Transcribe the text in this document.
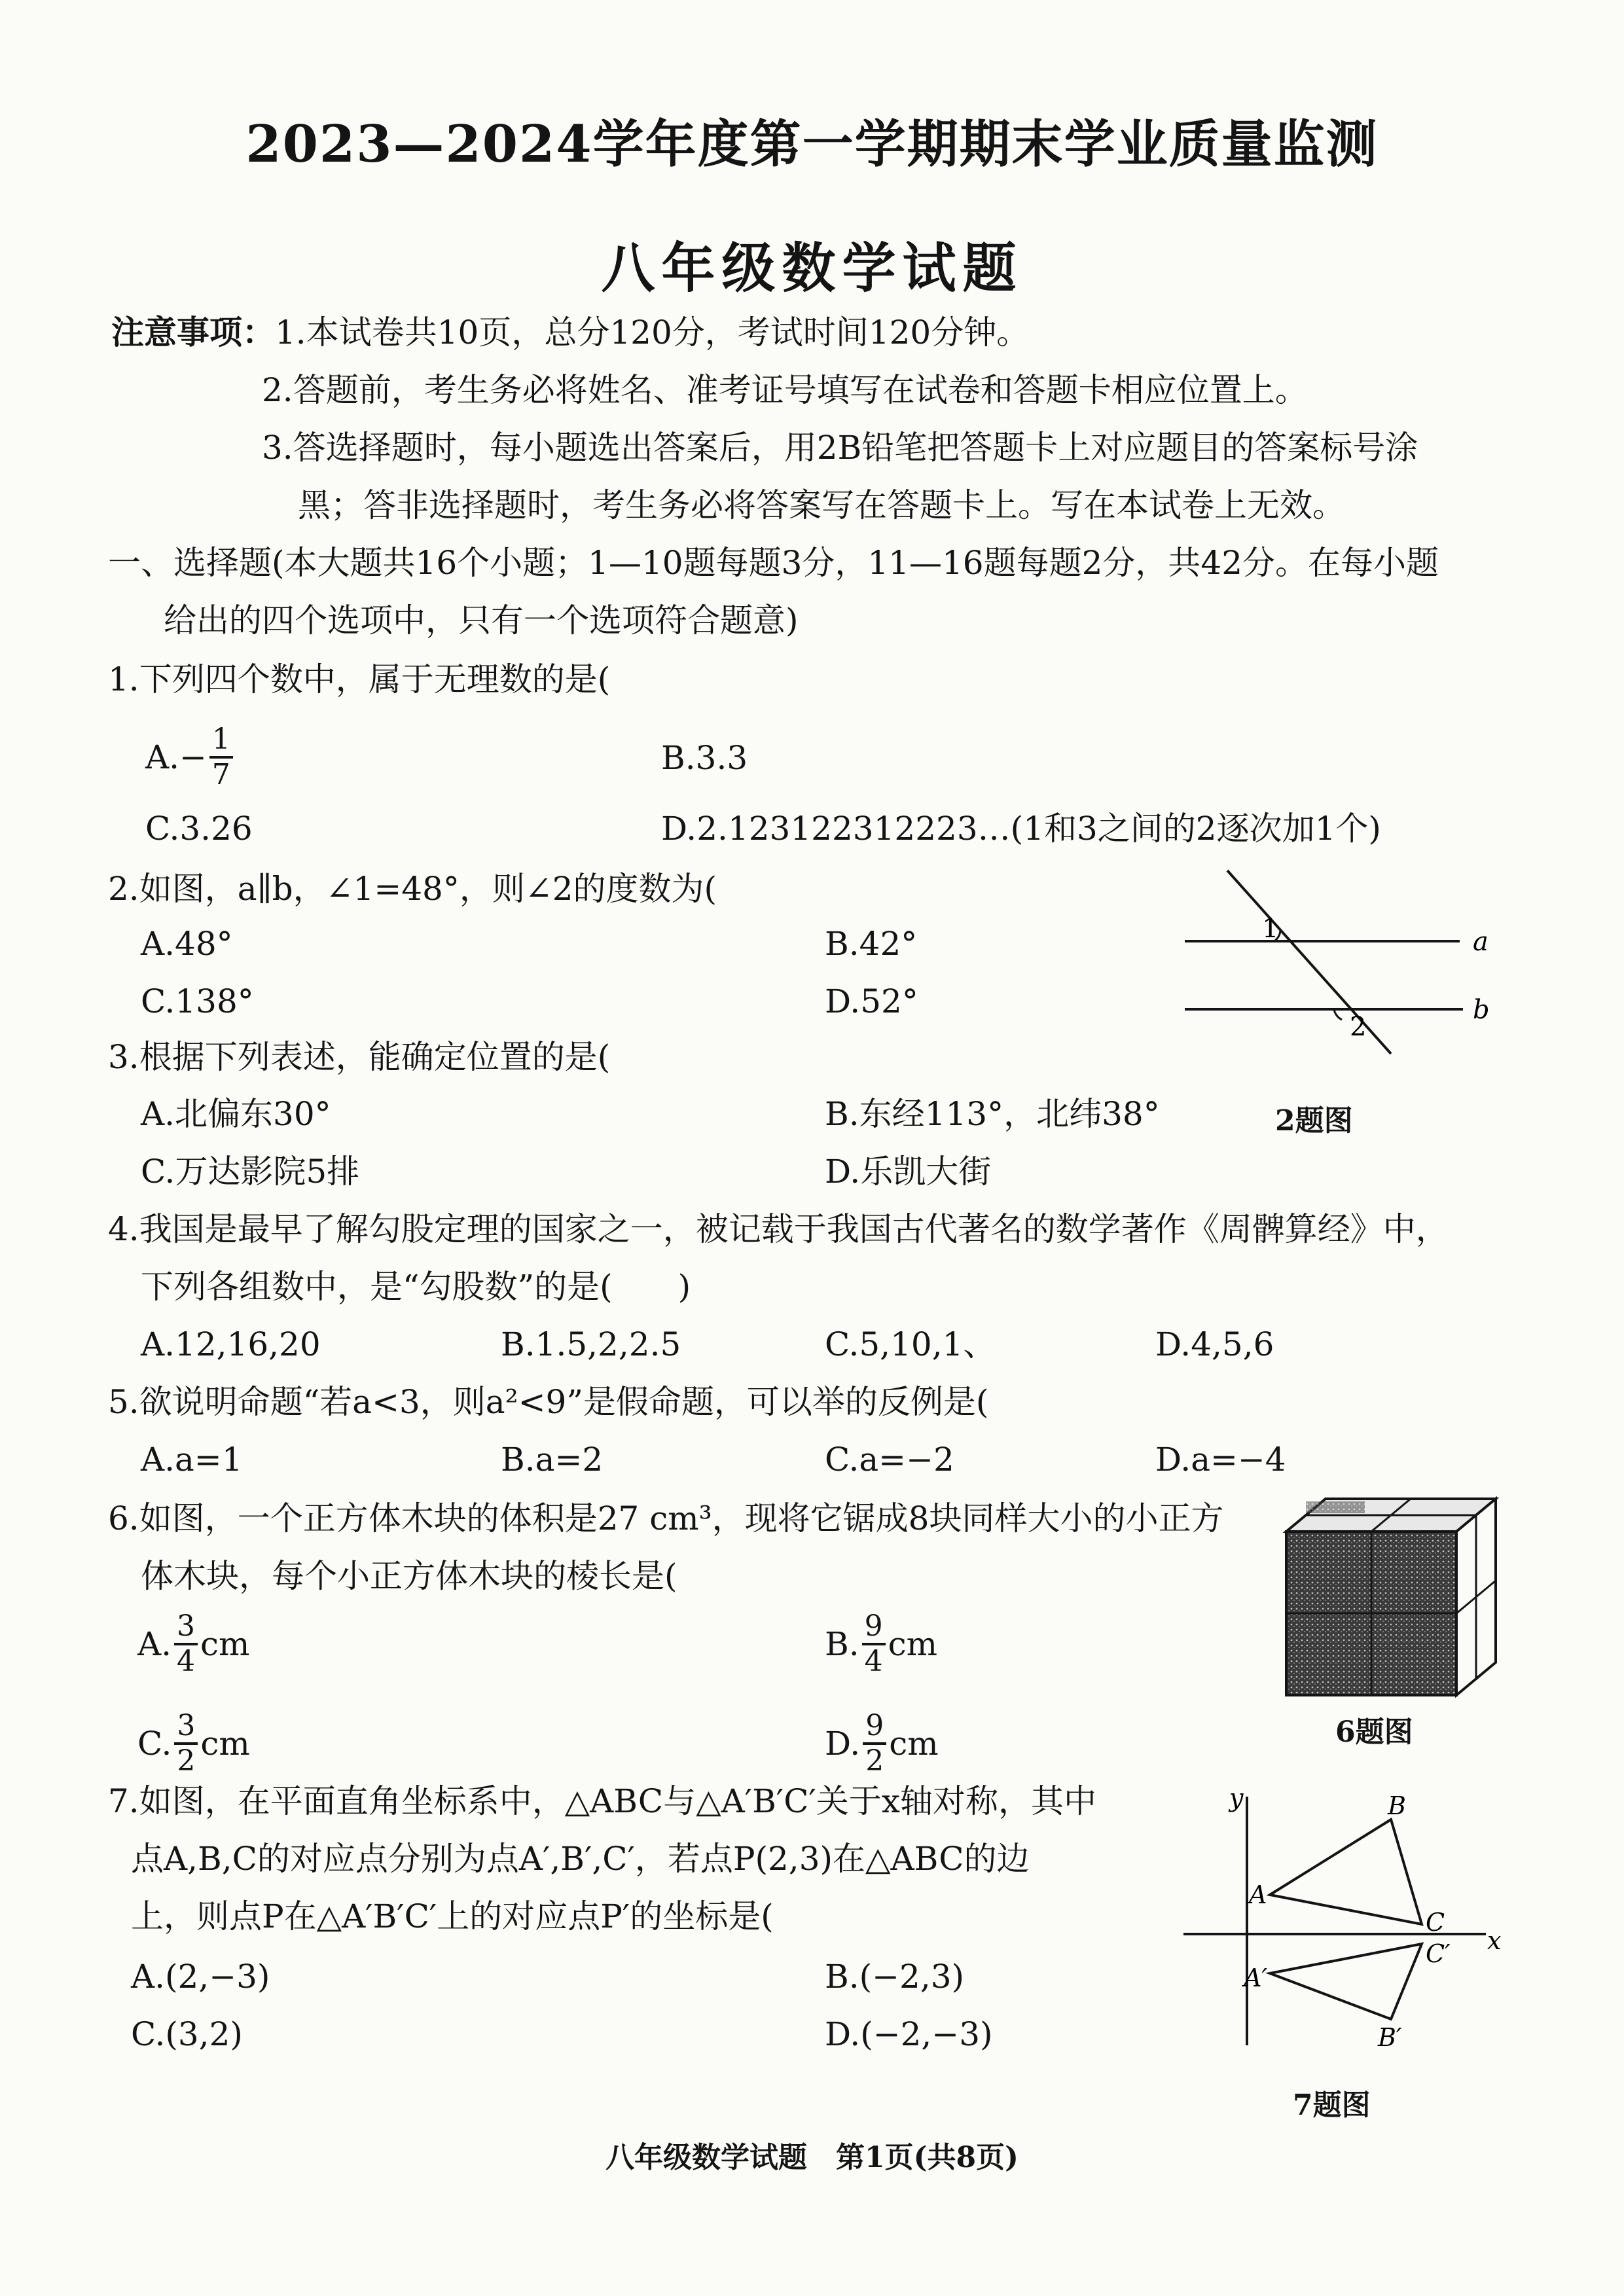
2023—2024学年度第一学期期末学业质量监测
八年级数学试题
注意事项：1.本试卷共10页，总分120分，考试时间120分钟。
2.答题前，考生务必将姓名、准考证号填写在试卷和答题卡相应位置上。
3.答选择题时，每小题选出答案后，用2B铅笔把答题卡上对应题目的答案标号涂
黑；答非选择题时，考生务必将答案写在答题卡上。写在本试卷上无效。
一、选择题(本大题共16个小题；1—10题每题3分，11—16题每题2分，共42分。在每小题
给出的四个选项中，只有一个选项符合题意)
1.下列四个数中，属于无理数的是(
A. − $\frac{1}{7}$	B.3.3
C.3.26	D.2.123122312223…(1和3之间的2逐次加1个)
2.如图，a∥b，∠1=48°，则∠2的度数为(
A.48°	B.42°
C.138°	D.52°
1
2
a
b
3.根据下列表述，能确定位置的是(
A.北偏东30°	B.东经113°，北纬38°	2题图
C.万达影院5排	D.乐凯大街
4.我国是最早了解勾股定理的国家之一，被记载于我国古代著名的数学著作《周髀算经》中，
下列各组数中，是“勾股数”的是(　　)
A.12,16,20	B.1.5,2,2.5	C.5,10,1、	D.4,5,6
5.欲说明命题“若a<3，则a²<9”是假命题，可以举的反例是(
A.a=1	B.a=2	C.a=−2	D.a=−4
6.如图，一个正方体木块的体积是27 cm³，现将它锯成8块同样大小的小正方
体木块，每个小正方体木块的棱长是(
A. $\frac{3}{4}$ cm	B. $\frac{9}{4}$ cm
C. $\frac{3}{2}$ cm	D. $\frac{9}{2}$ cm	6题图
7.如图，在平面直角坐标系中，△ABC与△A′B′C′关于x轴对称，其中
点A,B,C的对应点分别为点A′,B′,C′，若点P(2,3)在△ABC的边
上，则点P在△A′B′C′上的对应点P′的坐标是(
A.(2,−3)	B.(−2,3)
C.(3,2)	D.(−2,−3)
y
x
A
B
C
A′
B′
C′
7题图
八年级数学试题　第1页(共8页)
